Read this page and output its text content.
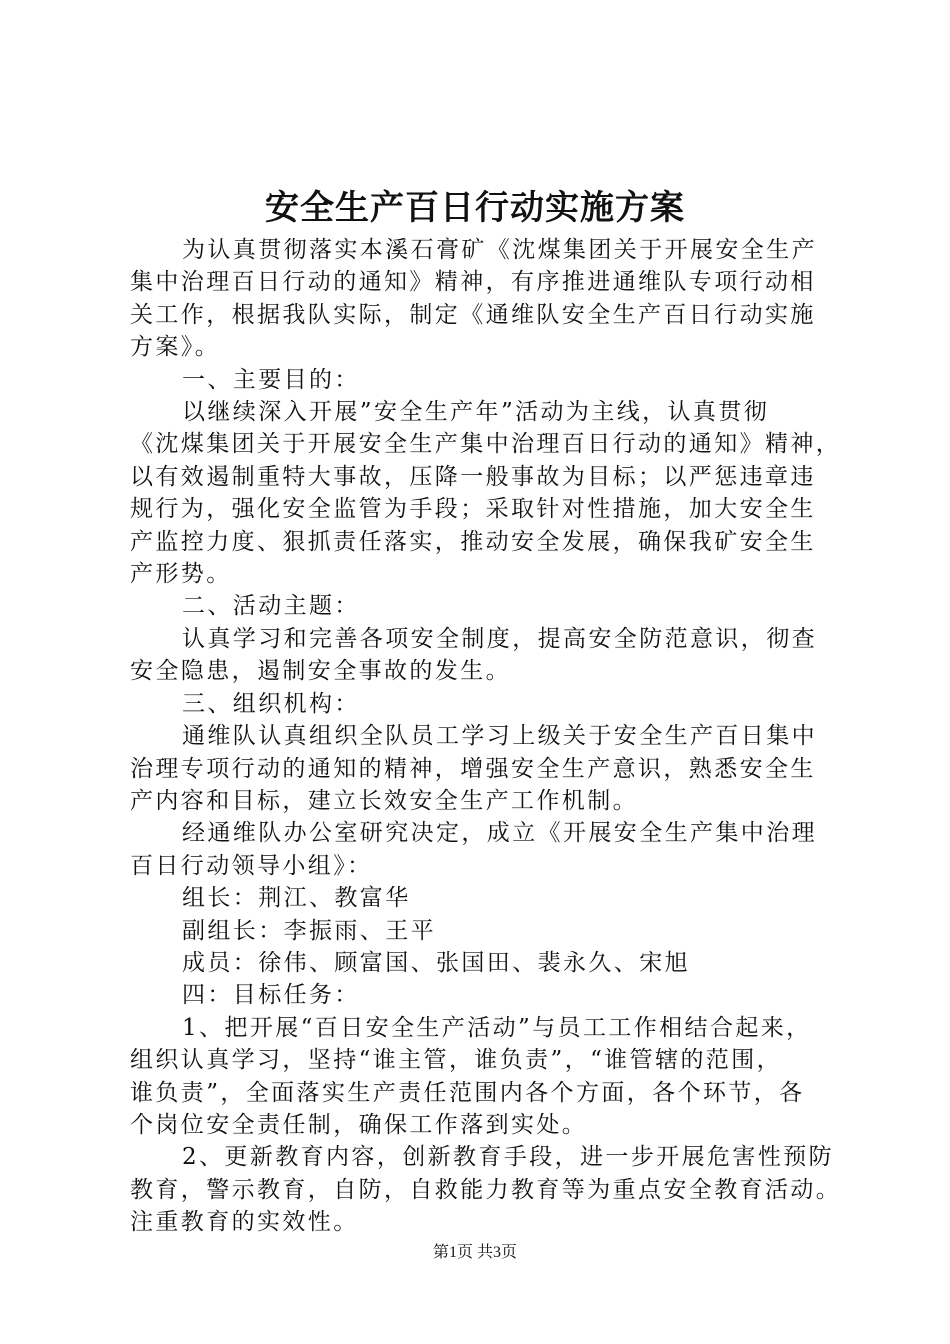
安全生产百日行动实施方案

为认真贯彻落实本溪石膏矿《沈煤集团关于开展安全生产
集中治理百日行动的通知》精神，有序推进通维队专项行动相
关工作，根据我队实际，制定《通维队安全生产百日行动实施
方案》。

一、主要目的：

以继续深入开展”安全生产年”活动为主线，认真贯彻
《沈煤集团关于开展安全生产集中治理百日行动的通知》精神，
以有效遏制重特大事故，压降一般事故为目标；以严惩违章违
规行为，强化安全监管为手段；采取针对性措施，加大安全生
产监控力度、狠抓责任落实，推动安全发展，确保我矿安全生
产形势。

二、活动主题：

认真学习和完善各项安全制度，提高安全防范意识，彻查
安全隐患，遏制安全事故的发生。

三、组织机构：

通维队认真组织全队员工学习上级关于安全生产百日集中
治理专项行动的通知的精神，增强安全生产意识，熟悉安全生
产内容和目标，建立长效安全生产工作机制。

经通维队办公室研究决定，成立《开展安全生产集中治理
百日行动领导小组》：

组长：荆江、教富华

副组长：李振雨、王平

成员：徐伟、顾富国、张国田、裴永久、宋旭

四：目标任务：

1、把开展“百日安全生产活动”与员工工作相结合起来，
组织认真学习，坚持“谁主管，谁负责”，“谁管辖的范围，
谁负责”，全面落实生产责任范围内各个方面，各个环节，各
个岗位安全责任制，确保工作落到实处。

2、更新教育内容，创新教育手段，进一步开展危害性预防
教育，警示教育，自防，自救能力教育等为重点安全教育活动。
注重教育的实效性。

第1页 共3页
